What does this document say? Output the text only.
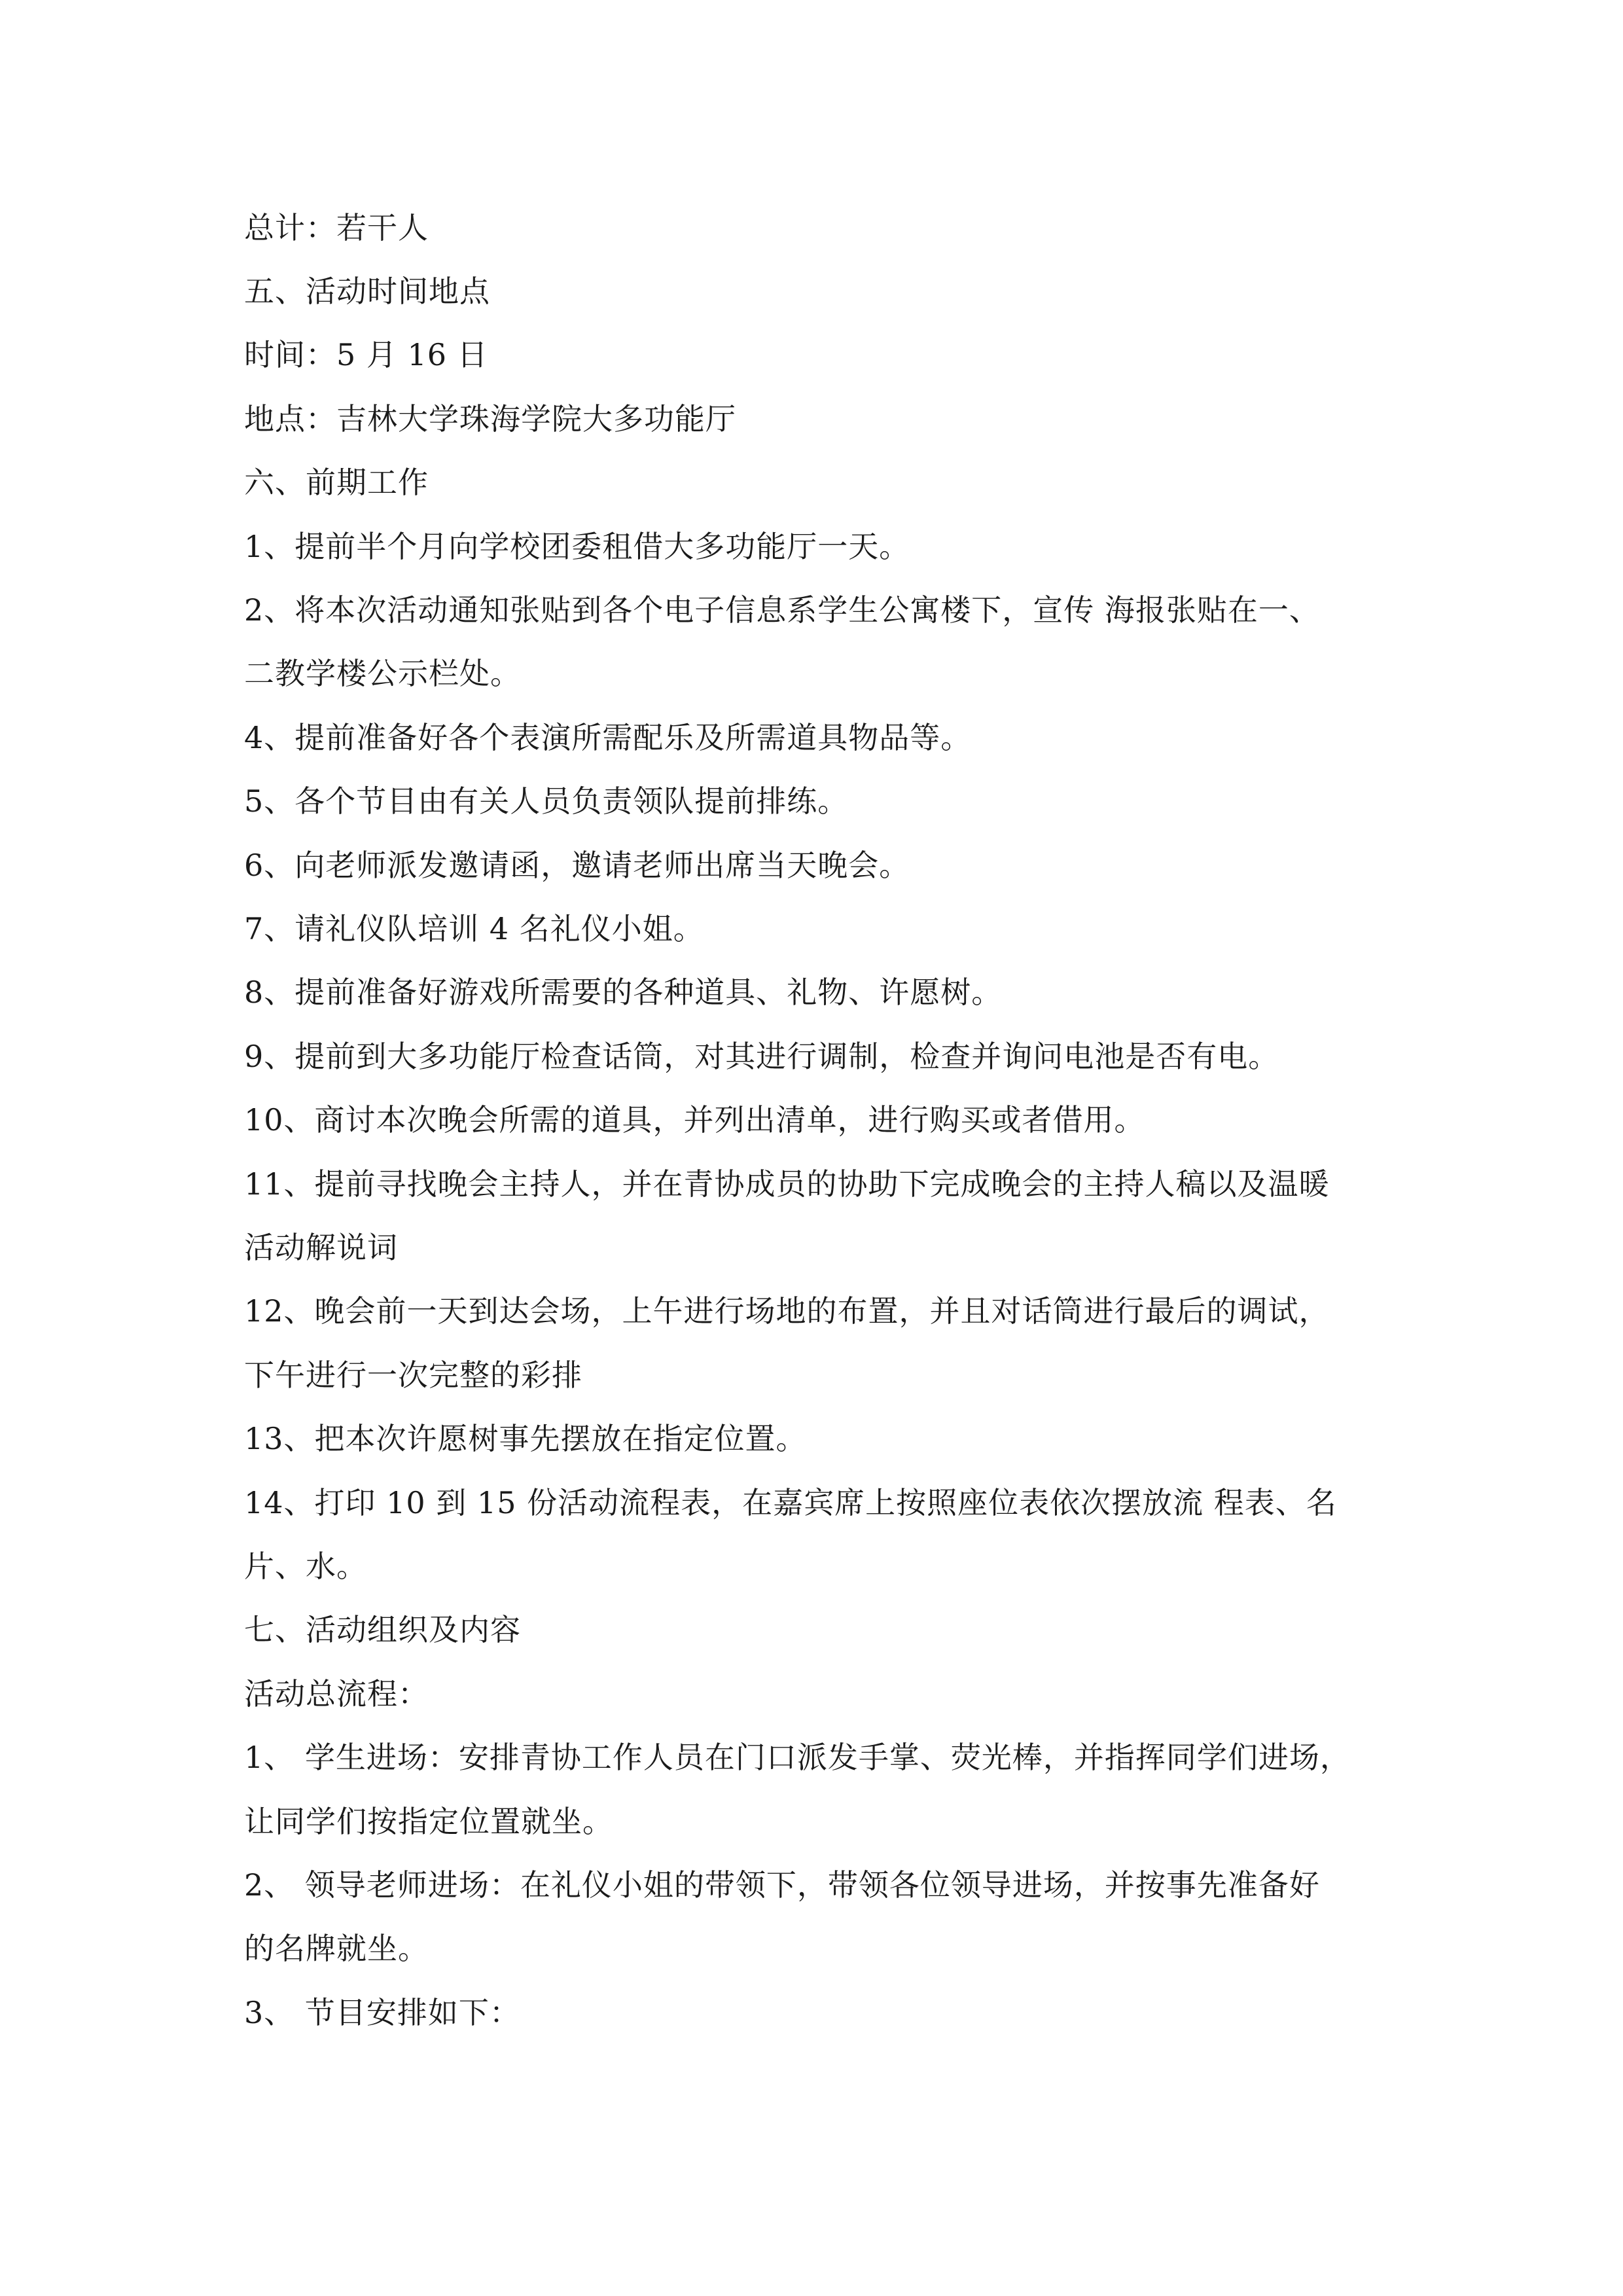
总计：若干人
五、活动时间地点
时间：5 月 16 日
地点：吉林大学珠海学院大多功能厅
六、前期工作
1、提前半个月向学校团委租借大多功能厅一天。
2、将本次活动通知张贴到各个电子信息系学生公寓楼下，宣传 海报张贴在一、
二教学楼公示栏处。
4、提前准备好各个表演所需配乐及所需道具物品等。
5、各个节目由有关人员负责领队提前排练。
6、向老师派发邀请函，邀请老师出席当天晚会。
7、请礼仪队培训 4 名礼仪小姐。
8、提前准备好游戏所需要的各种道具、礼物、许愿树。
9、提前到大多功能厅检查话筒，对其进行调制，检查并询问电池是否有电。
10、商讨本次晚会所需的道具，并列出清单，进行购买或者借用。
11、提前寻找晚会主持人，并在青协成员的协助下完成晚会的主持人稿以及温暖
活动解说词
12、晚会前一天到达会场，上午进行场地的布置，并且对话筒进行最后的调试，
下午进行一次完整的彩排
13、把本次许愿树事先摆放在指定位置。
14、打印 10 到 15 份活动流程表，在嘉宾席上按照座位表依次摆放流 程表、名
片、水。
七、活动组织及内容
活动总流程：
1、 学生进场：安排青协工作人员在门口派发手掌、荧光棒，并指挥同学们进场，
让同学们按指定位置就坐。
2、 领导老师进场：在礼仪小姐的带领下，带领各位领导进场，并按事先准备好
的名牌就坐。
3、 节目安排如下：
